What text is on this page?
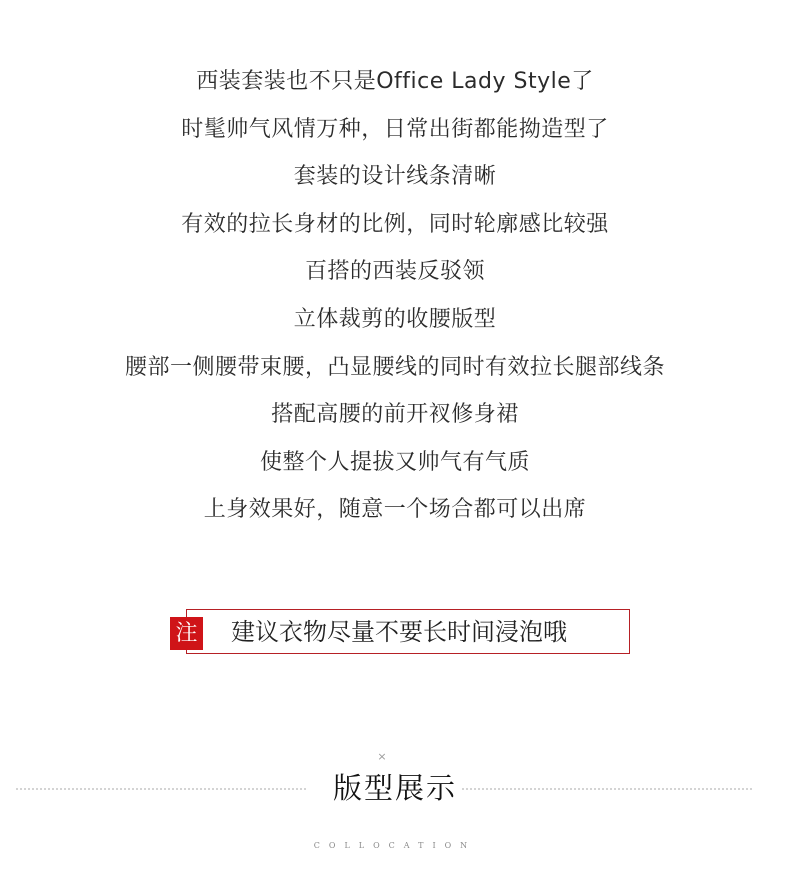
西装套装也不只是Office Lady Style了
时髦帅气风情万种，日常出街都能拗造型了
套装的设计线条清晰
有效的拉长身材的比例，同时轮廓感比较强
百搭的西装反驳领
立体裁剪的收腰版型
腰部一侧腰带束腰，凸显腰线的同时有效拉长腿部线条
搭配高腰的前开衩修身裙
使整个人提拔又帅气有气质
上身效果好，随意一个场合都可以出席
建议衣物尽量不要长时间浸泡哦
注
×
版型展示
COLLOCATION
